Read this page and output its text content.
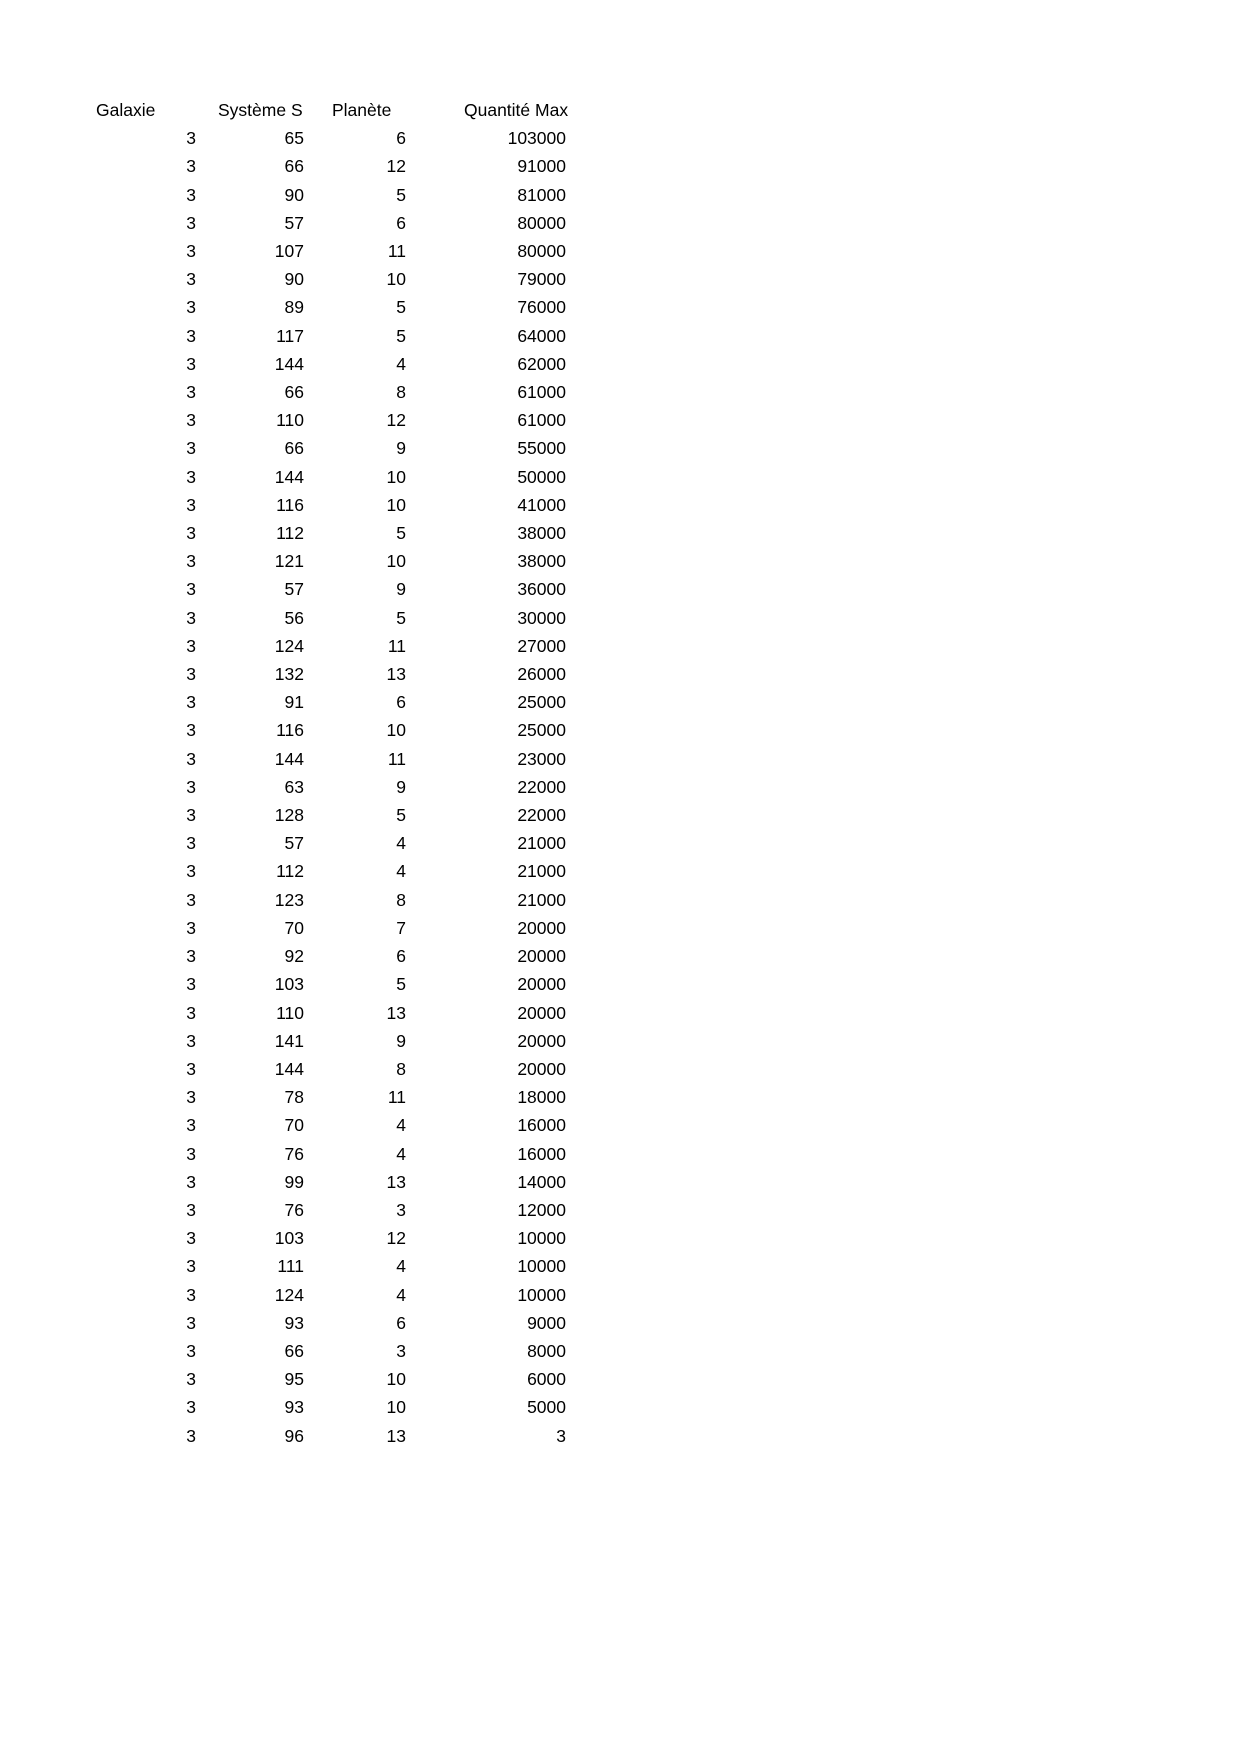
Galaxie	Système S	Planète	Quantité Max
3	65	6	103000
3	66	12	91000
3	90	5	81000
3	57	6	80000
3	107	11	80000
3	90	10	79000
3	89	5	76000
3	117	5	64000
3	144	4	62000
3	66	8	61000
3	110	12	61000
3	66	9	55000
3	144	10	50000
3	116	10	41000
3	112	5	38000
3	121	10	38000
3	57	9	36000
3	56	5	30000
3	124	11	27000
3	132	13	26000
3	91	6	25000
3	116	10	25000
3	144	11	23000
3	63	9	22000
3	128	5	22000
3	57	4	21000
3	112	4	21000
3	123	8	21000
3	70	7	20000
3	92	6	20000
3	103	5	20000
3	110	13	20000
3	141	9	20000
3	144	8	20000
3	78	11	18000
3	70	4	16000
3	76	4	16000
3	99	13	14000
3	76	3	12000
3	103	12	10000
3	111	4	10000
3	124	4	10000
3	93	6	9000
3	66	3	8000
3	95	10	6000
3	93	10	5000
3	96	13	3
